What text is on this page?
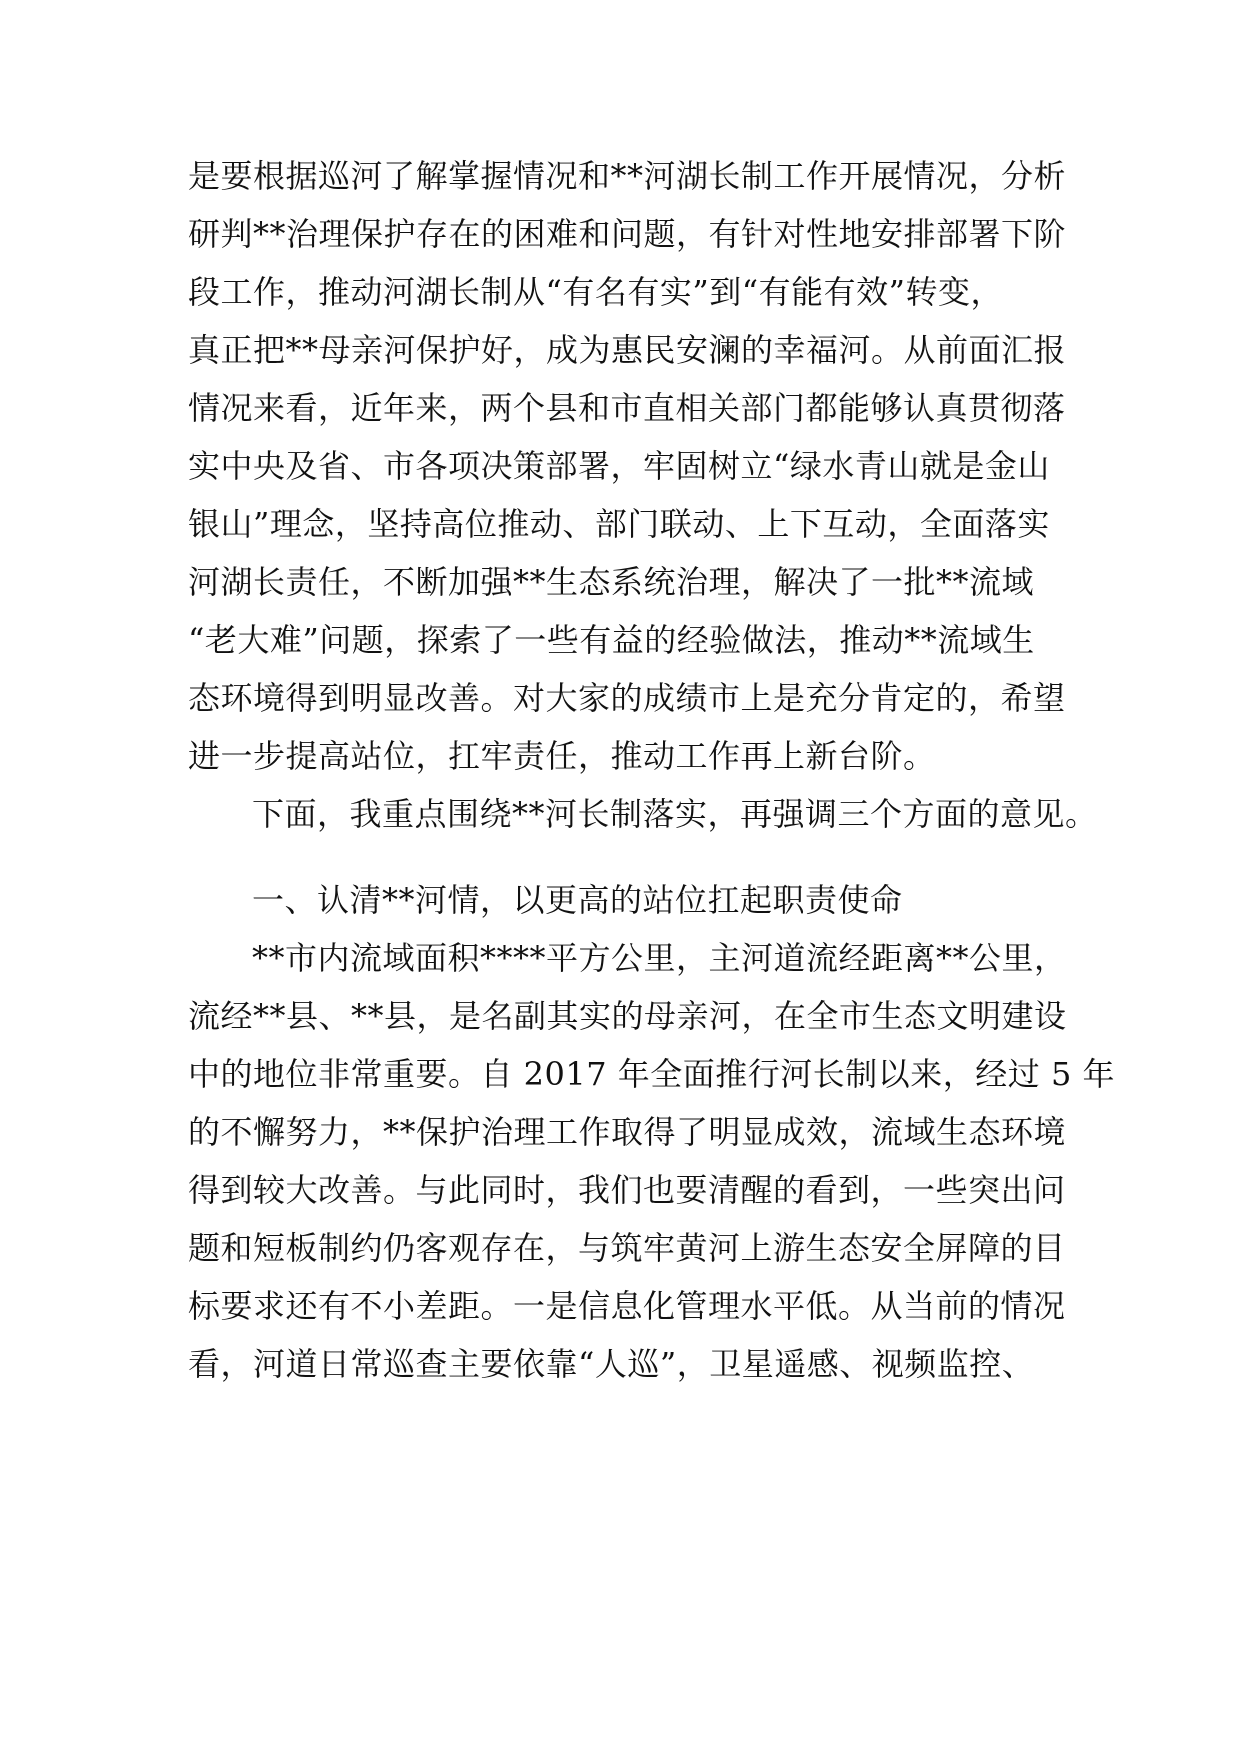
是要根据巡河了解掌握情况和**河湖长制工作开展情况，分析
研判**治理保护存在的困难和问题，有针对性地安排部署下阶
段工作，推动河湖长制从“有名有实”到“有能有效”转变，
真正把**母亲河保护好，成为惠民安澜的幸福河。从前面汇报
情况来看，近年来，两个县和市直相关部门都能够认真贯彻落
实中央及省、市各项决策部署，牢固树立“绿水青山就是金山
银山”理念，坚持高位推动、部门联动、上下互动，全面落实
河湖长责任，不断加强**生态系统治理，解决了一批**流域
“老大难”问题，探索了一些有益的经验做法，推动**流域生
态环境得到明显改善。对大家的成绩市上是充分肯定的，希望
进一步提高站位，扛牢责任，推动工作再上新台阶。
下面，我重点围绕**河长制落实，再强调三个方面的意见。
一、认清**河情，以更高的站位扛起职责使命
**市内流域面积****平方公里，主河道流经距离**公里，
流经**县、**县，是名副其实的母亲河，在全市生态文明建设
中的地位非常重要。自 2017 年全面推行河长制以来，经过 5 年
的不懈努力，**保护治理工作取得了明显成效，流域生态环境
得到较大改善。与此同时，我们也要清醒的看到，一些突出问
题和短板制约仍客观存在，与筑牢黄河上游生态安全屏障的目
标要求还有不小差距。一是信息化管理水平低。从当前的情况
看，河道日常巡查主要依靠“人巡”，卫星遥感、视频监控、
